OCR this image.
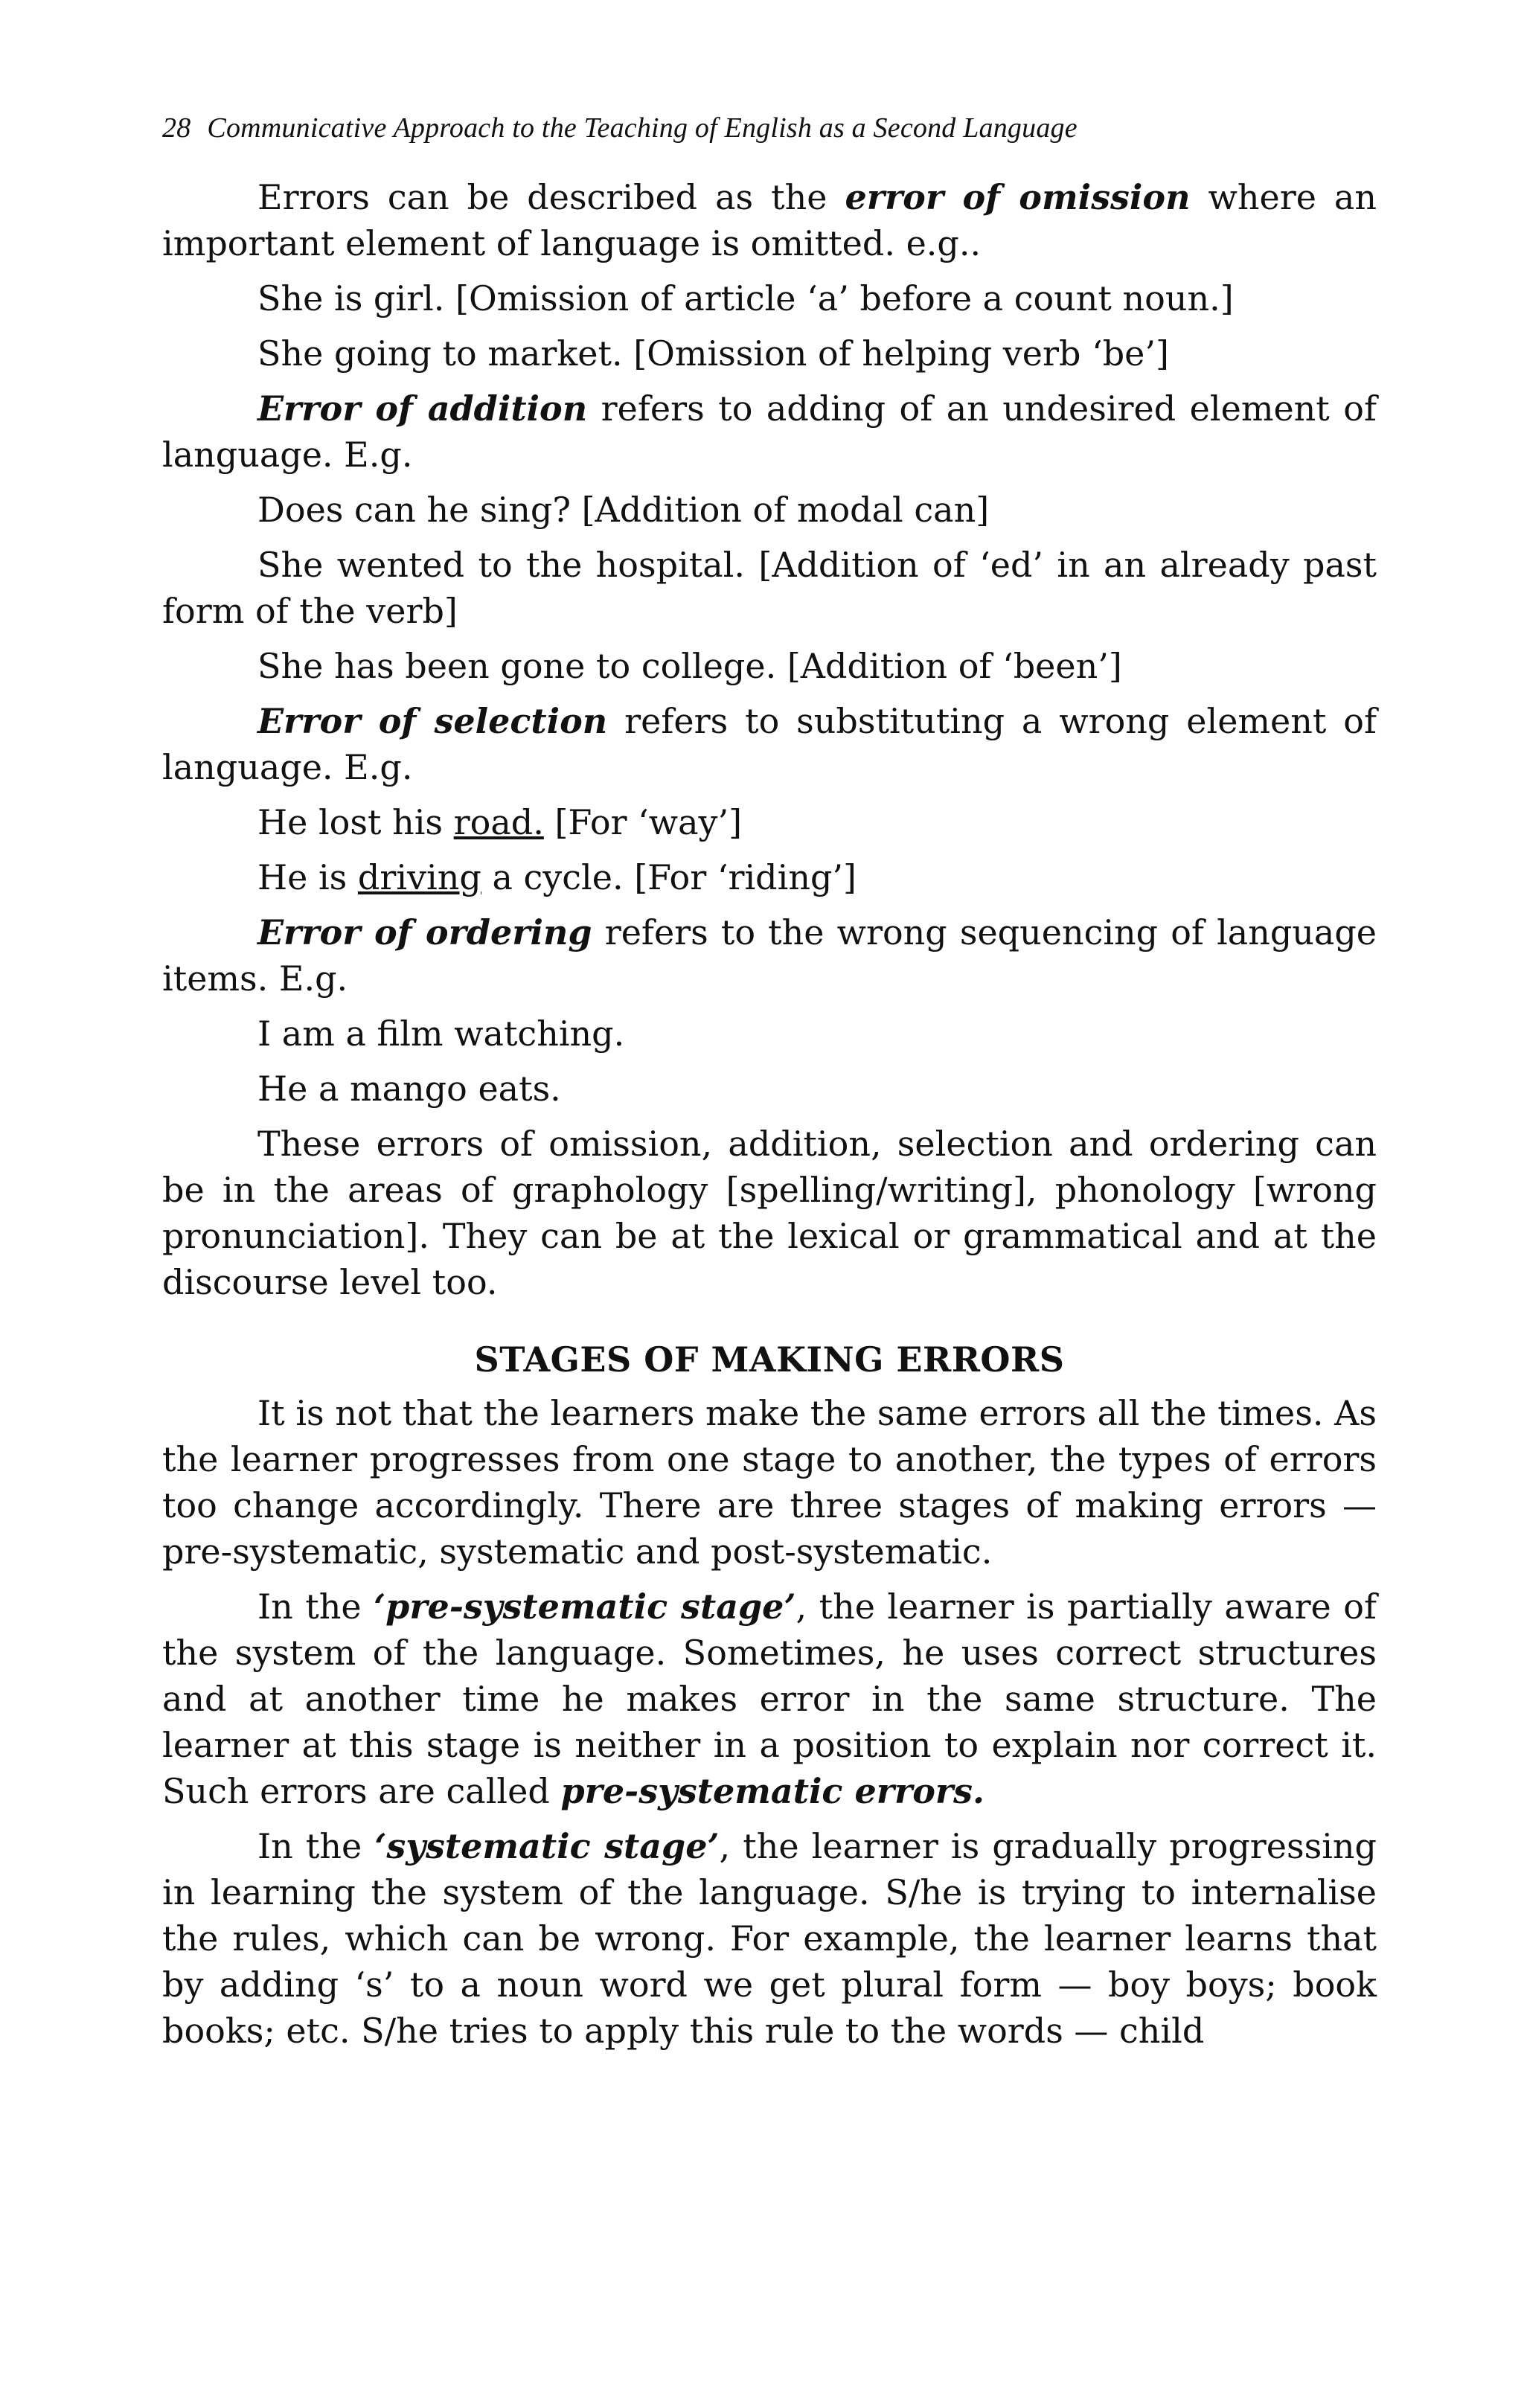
28 Communicative Approach to the Teaching of English as a Second Language

Errors can be described as the error of omission where an important element of language is omitted. e.g..

She is girl. [Omission of article ‘a’ before a count noun.]
She going to market. [Omission of helping verb ‘be’]

Error of addition refers to adding of an undesired element of language. E.g.

Does can he sing? [Addition of modal can]

She wented to the hospital. [Addition of ‘ed’ in an already past form of the verb]

She has been gone to college. [Addition of ‘been’]

Error of selection refers to substituting a wrong element of language. E.g.

He lost his road. [For ‘way’]
He is driving a cycle. [For ‘riding’]

Error of ordering refers to the wrong sequencing of language items. E.g.

I am a film watching.
He a mango eats.

These errors of omission, addition, selection and ordering can be in the areas of graphology [spelling/writing], phonology [wrong pronunciation]. They can be at the lexical or grammatical and at the discourse level too.

STAGES OF MAKING ERRORS

It is not that the learners make the same errors all the times. As the learner progresses from one stage to another, the types of errors too change accordingly. There are three stages of making errors — pre-systematic, systematic and post-systematic.

In the ‘pre-systematic stage’, the learner is partially aware of the system of the language. Sometimes, he uses correct structures and at another time he makes error in the same structure. The learner at this stage is neither in a position to explain nor correct it. Such errors are called pre-systematic errors.

In the ‘systematic stage’, the learner is gradually progressing in learning the system of the language. S/he is trying to internalise the rules, which can be wrong. For example, the learner learns that by adding ‘s’ to a noun word we get plural form — boy boys; book books; etc. S/he tries to apply this rule to the words — child
